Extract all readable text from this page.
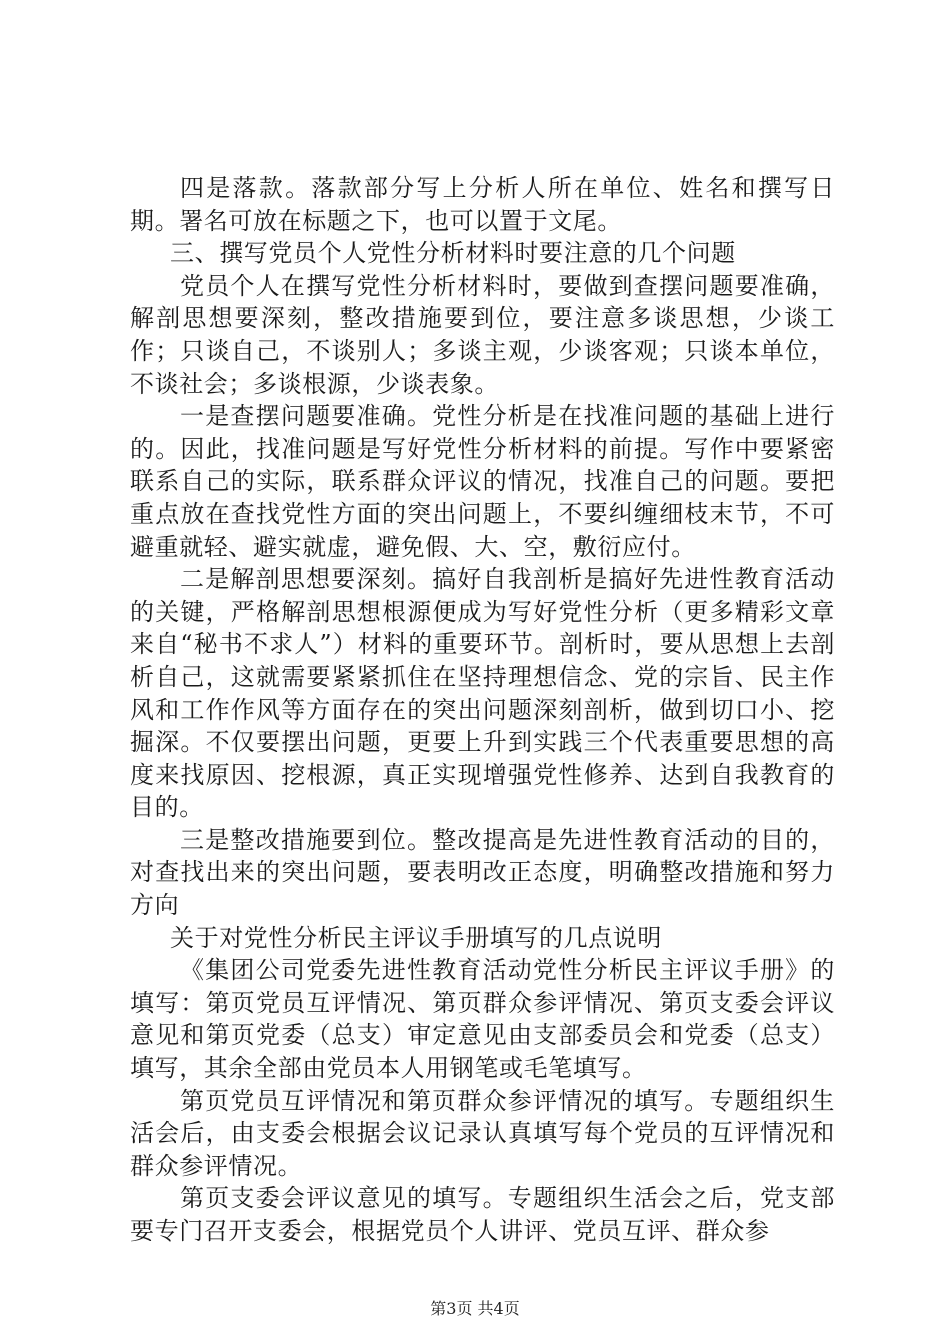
四是落款。落款部分写上分析人所在单位、姓名和撰写日期。署名可放在标题之下，也可以置于文尾。

三、撰写党员个人党性分析材料时要注意的几个问题

党员个人在撰写党性分析材料时，要做到查摆问题要准确，解剖思想要深刻，整改措施要到位，要注意多谈思想，少谈工作；只谈自己，不谈别人；多谈主观，少谈客观；只谈本单位，不谈社会；多谈根源，少谈表象。

一是查摆问题要准确。党性分析是在找准问题的基础上进行的。因此，找准问题是写好党性分析材料的前提。写作中要紧密联系自己的实际，联系群众评议的情况，找准自己的问题。要把重点放在查找党性方面的突出问题上，不要纠缠细枝末节，不可避重就轻、避实就虚，避免假、大、空，敷衍应付。

二是解剖思想要深刻。搞好自我剖析是搞好先进性教育活动的关键，严格解剖思想根源便成为写好党性分析（更多精彩文章来自“秘书不求人”）材料的重要环节。剖析时，要从思想上去剖析自己，这就需要紧紧抓住在坚持理想信念、党的宗旨、民主作风和工作作风等方面存在的突出问题深刻剖析，做到切口小、挖掘深。不仅要摆出问题，更要上升到实践三个代表重要思想的高度来找原因、挖根源，真正实现增强党性修养、达到自我教育的目的。

三是整改措施要到位。整改提高是先进性教育活动的目的，对查找出来的突出问题，要表明改正态度，明确整改措施和努力方向

关于对党性分析民主评议手册填写的几点说明

《集团公司党委先进性教育活动党性分析民主评议手册》的填写：第页党员互评情况、第页群众参评情况、第页支委会评议意见和第页党委（总支）审定意见由支部委员会和党委（总支）填写，其余全部由党员本人用钢笔或毛笔填写。

第页党员互评情况和第页群众参评情况的填写。专题组织生活会后，由支委会根据会议记录认真填写每个党员的互评情况和群众参评情况。

第页支委会评议意见的填写。专题组织生活会之后，党支部要专门召开支委会，根据党员个人讲评、党员互评、群众参

第3页 共4页
